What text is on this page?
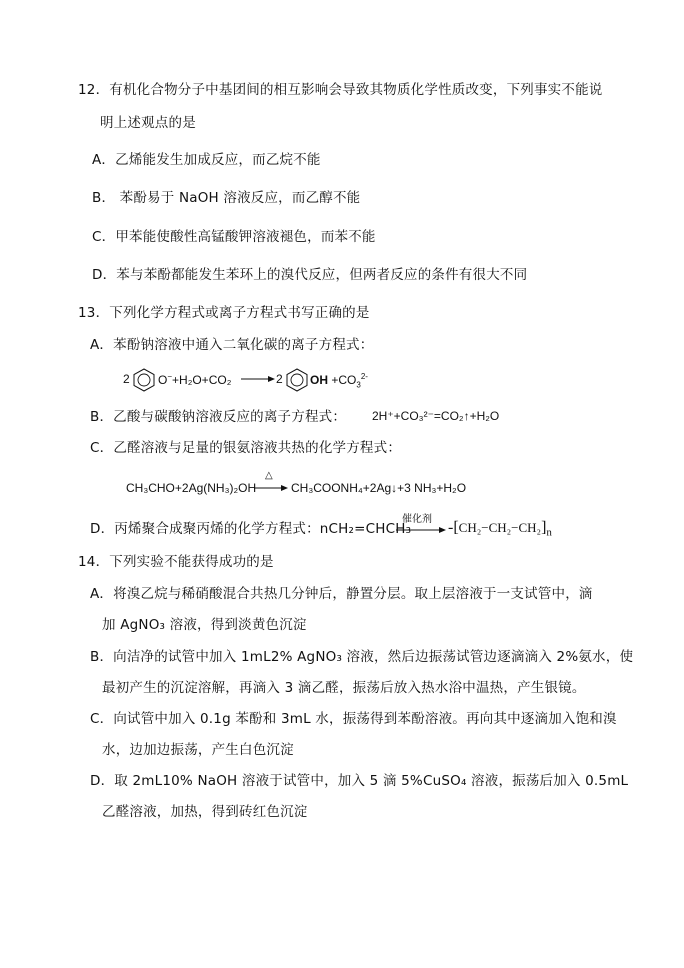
12．有机化合物分子中基团间的相互影响会导致其物质化学性质改变，下列事实不能说
明上述观点的是
A．乙烯能发生加成反应，而乙烷不能
B． 苯酚易于 NaOH 溶液反应，而乙醇不能
C．甲苯能使酸性高锰酸钾溶液褪色，而苯不能
D．苯与苯酚都能发生苯环上的溴代反应，但两者反应的条件有很大不同
13．下列化学方程式或离子方程式书写正确的是
A．苯酚钠溶液中通入二氧化碳的离子方程式：
2 O−+H₂O+CO₂ → 2 OH $+CO_3^{2-}$
B．乙酸与碳酸钠溶液反应的离子方程式： 2H⁺+CO₃²⁻=CO₂↑+H₂O
C．乙醛溶液与足量的银氨溶液共热的化学方程式：
CH₃CHO+2Ag(NH₃)₂OH
△
→ CH₃COONH₄+2Ag↓+3 NH₃+H₂O
D．丙烯聚合成聚丙烯的化学方程式：nCH₂=CHCH₃
催化剂 → $-[CH_2-CH_2-CH_2]_n$
14．下列实验不能获得成功的是
A．将溴乙烷与稀硝酸混合共热几分钟后，静置分层。取上层溶液于一支试管中，滴
加 AgNO₃ 溶液，得到淡黄色沉淀
B．向洁净的试管中加入 1mL2% AgNO₃ 溶液，然后边振荡试管边逐滴滴入 2%氨水，使
最初产生的沉淀溶解，再滴入 3 滴乙醛，振荡后放入热水浴中温热，产生银镜。
C．向试管中加入 0.1g 苯酚和 3mL 水，振荡得到苯酚溶液。再向其中逐滴加入饱和溴
水，边加边振荡，产生白色沉淀
D．取 2mL10% NaOH 溶液于试管中，加入 5 滴 5%CuSO₄ 溶液，振荡后加入 0.5mL
乙醛溶液，加热，得到砖红色沉淀
